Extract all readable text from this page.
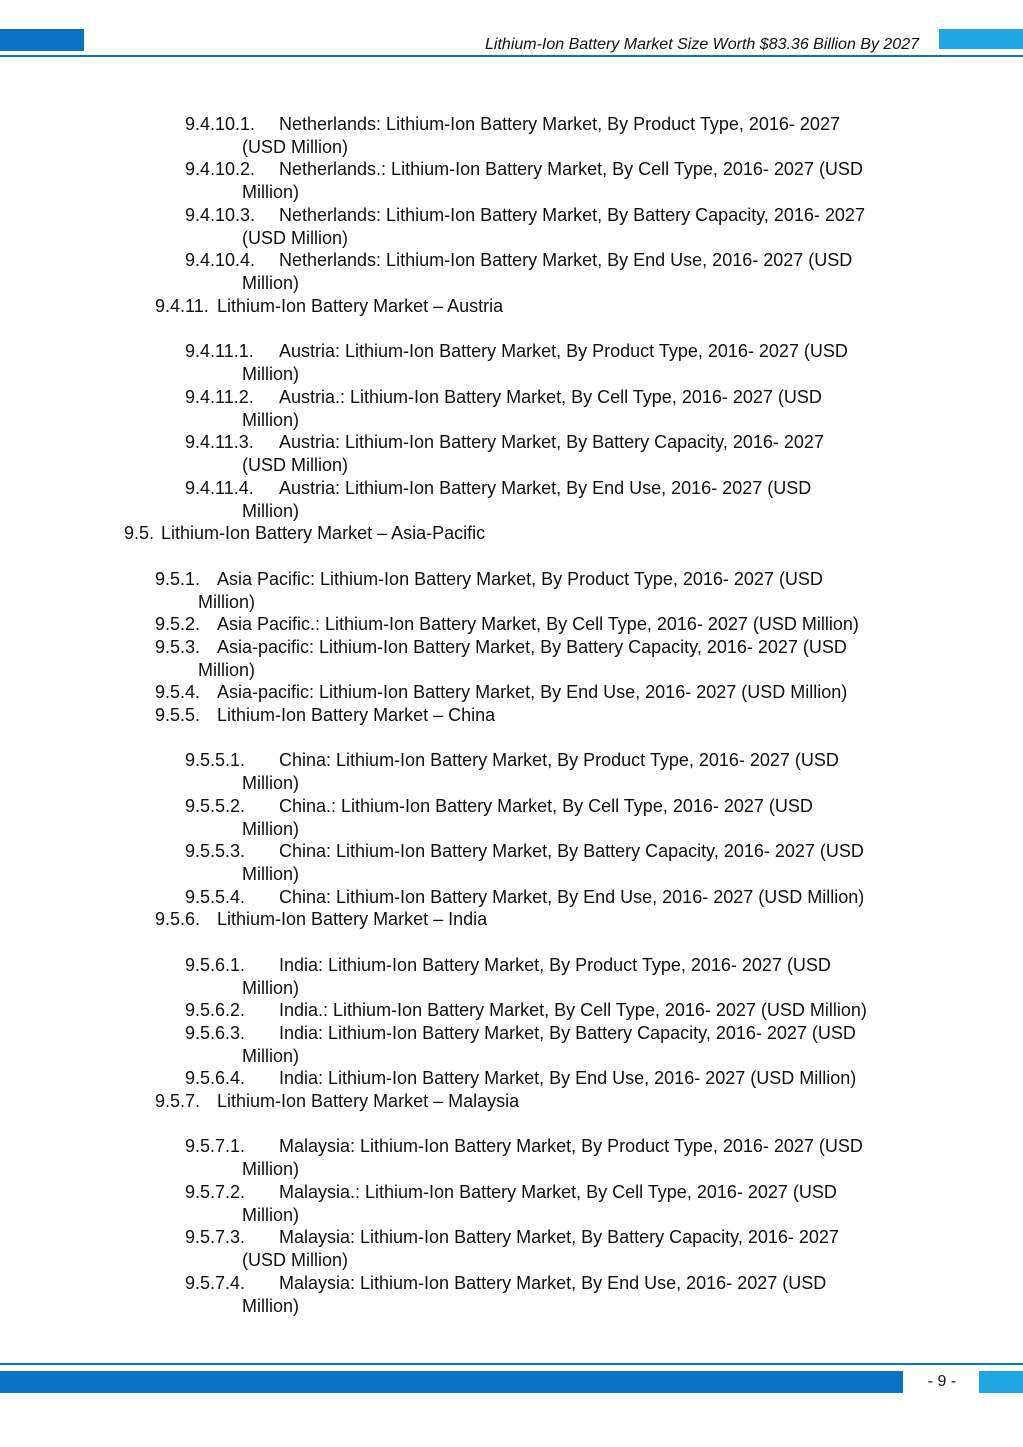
Lithium-Ion Battery Market Size Worth $83.36 Billion By 2027
9.4.10.1.	Netherlands: Lithium-Ion Battery Market, By Product Type, 2016- 2027
(USD Million)
9.4.10.2.	Netherlands.: Lithium-Ion Battery Market, By Cell Type, 2016- 2027 (USD
Million)
9.4.10.3.	Netherlands: Lithium-Ion Battery Market, By Battery Capacity, 2016- 2027
(USD Million)
9.4.10.4.	Netherlands: Lithium-Ion Battery Market, By End Use, 2016- 2027 (USD
Million)
9.4.11. Lithium-Ion Battery Market – Austria
9.4.11.1.	Austria: Lithium-Ion Battery Market, By Product Type, 2016- 2027 (USD
Million)
9.4.11.2.	Austria.: Lithium-Ion Battery Market, By Cell Type, 2016- 2027 (USD
Million)
9.4.11.3.	Austria: Lithium-Ion Battery Market, By Battery Capacity, 2016- 2027
(USD Million)
9.4.11.4.	Austria: Lithium-Ion Battery Market, By End Use, 2016- 2027 (USD
Million)
9.5. Lithium-Ion Battery Market – Asia-Pacific
9.5.1. Asia Pacific: Lithium-Ion Battery Market, By Product Type, 2016- 2027 (USD
Million)
9.5.2. Asia Pacific.: Lithium-Ion Battery Market, By Cell Type, 2016- 2027 (USD Million)
9.5.3. Asia-pacific: Lithium-Ion Battery Market, By Battery Capacity, 2016- 2027 (USD
Million)
9.5.4. Asia-pacific: Lithium-Ion Battery Market, By End Use, 2016- 2027 (USD Million)
9.5.5. Lithium-Ion Battery Market – China
9.5.5.1.	China: Lithium-Ion Battery Market, By Product Type, 2016- 2027 (USD
Million)
9.5.5.2.	China.: Lithium-Ion Battery Market, By Cell Type, 2016- 2027 (USD
Million)
9.5.5.3.	China: Lithium-Ion Battery Market, By Battery Capacity, 2016- 2027 (USD
Million)
9.5.5.4.	China: Lithium-Ion Battery Market, By End Use, 2016- 2027 (USD Million)
9.5.6. Lithium-Ion Battery Market – India
9.5.6.1.	India: Lithium-Ion Battery Market, By Product Type, 2016- 2027 (USD
Million)
9.5.6.2.	India.: Lithium-Ion Battery Market, By Cell Type, 2016- 2027 (USD Million)
9.5.6.3.	India: Lithium-Ion Battery Market, By Battery Capacity, 2016- 2027 (USD
Million)
9.5.6.4.	India: Lithium-Ion Battery Market, By End Use, 2016- 2027 (USD Million)
9.5.7. Lithium-Ion Battery Market – Malaysia
9.5.7.1.	Malaysia: Lithium-Ion Battery Market, By Product Type, 2016- 2027 (USD
Million)
9.5.7.2.	Malaysia.: Lithium-Ion Battery Market, By Cell Type, 2016- 2027 (USD
Million)
9.5.7.3.	Malaysia: Lithium-Ion Battery Market, By Battery Capacity, 2016- 2027
(USD Million)
9.5.7.4.	Malaysia: Lithium-Ion Battery Market, By End Use, 2016- 2027 (USD
Million)
- 9 -
